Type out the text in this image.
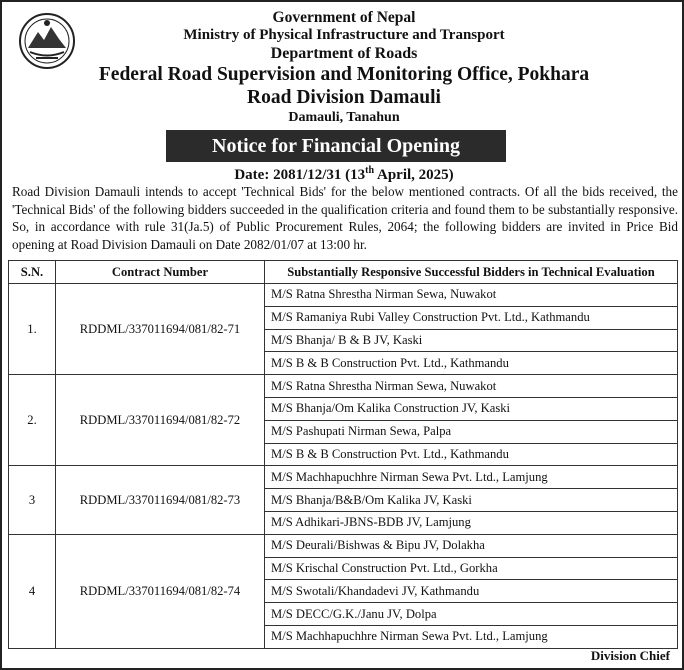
Government of Nepal
Ministry of Physical Infrastructure and Transport
Department of Roads
Federal Road Supervision and Monitoring Office, Pokhara
Road Division Damauli
Damauli, Tanahun
Notice for Financial Opening
Date: 2081/12/31 (13th April, 2025)

Road Division Damauli intends to accept 'Technical Bids' for the below mentioned contracts. Of all the bids received, the 'Technical Bids' of the following bidders succeeded in the qualification criteria and found them to be substantially responsive. So, in accordance with rule 31(Ja.5) of Public Procurement Rules, 2064; the following bidders are invited in Price Bid opening at Road Division Damauli on Date 2082/01/07 at 13:00 hr.

S.N.	Contract Number	Substantially Responsive Successful Bidders in Technical Evaluation
1.	RDDML/337011694/081/82-71	M/S Ratna Shrestha Nirman Sewa, Nuwakot
		M/S Ramaniya Rubi Valley Construction Pvt. Ltd., Kathmandu
		M/S Bhanja/ B & B JV, Kaski
		M/S B & B Construction Pvt. Ltd., Kathmandu
2.	RDDML/337011694/081/82-72	M/S Ratna Shrestha Nirman Sewa, Nuwakot
		M/S Bhanja/Om Kalika Construction JV, Kaski
		M/S Pashupati Nirman Sewa, Palpa
		M/S B & B Construction Pvt. Ltd., Kathmandu
3	RDDML/337011694/081/82-73	M/S Machhapuchhre Nirman Sewa Pvt. Ltd., Lamjung
		M/S Bhanja/B&B/Om Kalika JV, Kaski
		M/S Adhikari-JBNS-BDB JV, Lamjung
4	RDDML/337011694/081/82-74	M/S Deurali/Bishwas & Bipu JV, Dolakha
		M/S Krischal Construction Pvt. Ltd., Gorkha
		M/S Swotali/Khandadevi JV, Kathmandu
		M/S DECC/G.K./Janu JV, Dolpa
		M/S Machhapuchhre Nirman Sewa Pvt. Ltd., Lamjung
Division Chief
